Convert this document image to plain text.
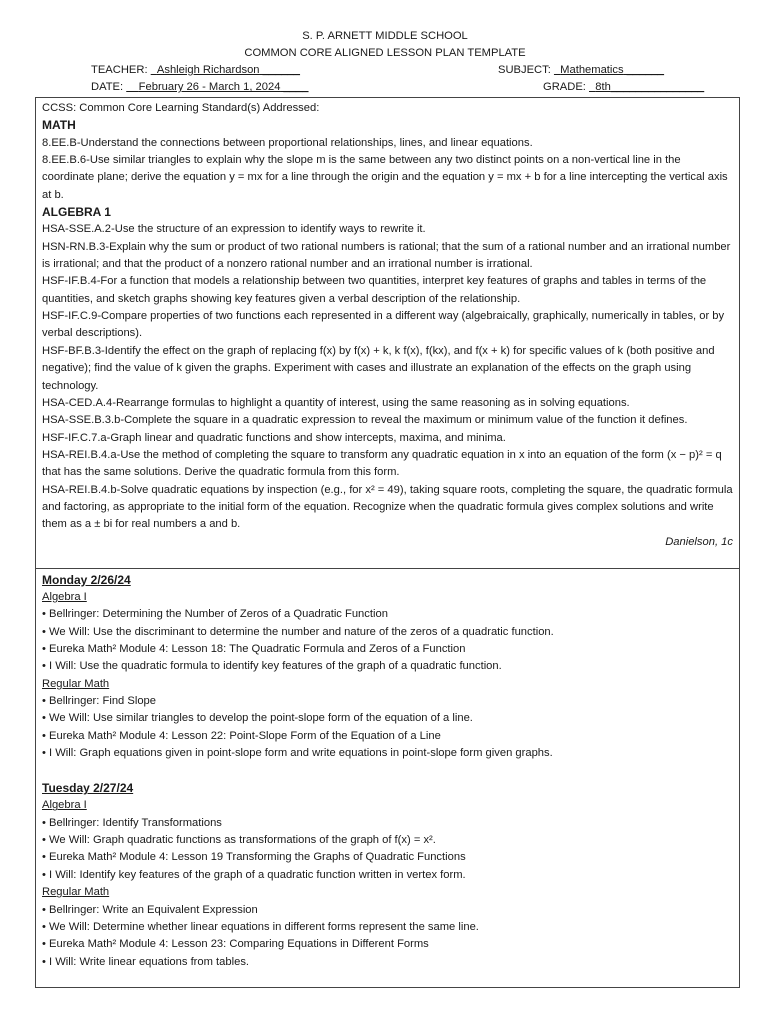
S. P. ARNETT MIDDLE SCHOOL
COMMON CORE ALIGNED LESSON PLAN TEMPLATE
TEACHER: Ashleigh Richardson ______	SUBJECT: Mathematics ______
DATE: February 26 - March 1, 2024 ____	GRADE: 8th_______________
CCSS: Common Core Learning Standard(s) Addressed:
MATH
8.EE.B-Understand the connections between proportional relationships, lines, and linear equations.
8.EE.B.6-Use similar triangles to explain why the slope m is the same between any two distinct points on a non-vertical line in the coordinate plane; derive the equation y = mx for a line through the origin and the equation y = mx + b for a line intercepting the vertical axis at b.
ALGEBRA 1
HSA-SSE.A.2-Use the structure of an expression to identify ways to rewrite it.
HSN-RN.B.3-Explain why the sum or product of two rational numbers is rational; that the sum of a rational number and an irrational number is irrational; and that the product of a nonzero rational number and an irrational number is irrational.
HSF-IF.B.4-For a function that models a relationship between two quantities, interpret key features of graphs and tables in terms of the quantities, and sketch graphs showing key features given a verbal description of the relationship.
HSF-IF.C.9-Compare properties of two functions each represented in a different way (algebraically, graphically, numerically in tables, or by verbal descriptions).
HSF-BF.B.3-Identify the effect on the graph of replacing f(x) by f(x) + k, k f(x), f(kx), and f(x + k) for specific values of k (both positive and negative); find the value of k given the graphs. Experiment with cases and illustrate an explanation of the effects on the graph using technology.
HSA-CED.A.4-Rearrange formulas to highlight a quantity of interest, using the same reasoning as in solving equations.
HSA-SSE.B.3.b-Complete the square in a quadratic expression to reveal the maximum or minimum value of the function it defines.
HSF-IF.C.7.a-Graph linear and quadratic functions and show intercepts, maxima, and minima.
HSA-REI.B.4.a-Use the method of completing the square to transform any quadratic equation in x into an equation of the form (x − p)² = q that has the same solutions. Derive the quadratic formula from this form.
HSA-REI.B.4.b-Solve quadratic equations by inspection (e.g., for x² = 49), taking square roots, completing the square, the quadratic formula and factoring, as appropriate to the initial form of the equation. Recognize when the quadratic formula gives complex solutions and write them as a ± bi for real numbers a and b.
Danielson, 1c
Monday 2/26/24
Algebra I
• Bellringer: Determining the Number of Zeros of a Quadratic Function
• We Will: Use the discriminant to determine the number and nature of the zeros of a quadratic function.
• Eureka Math² Module 4: Lesson 18: The Quadratic Formula and Zeros of a Function
• I Will: Use the quadratic formula to identify key features of the graph of a quadratic function.
Regular Math
• Bellringer: Find Slope
• We Will: Use similar triangles to develop the point-slope form of the equation of a line.
• Eureka Math² Module 4: Lesson 22: Point-Slope Form of the Equation of a Line
• I Will: Graph equations given in point-slope form and write equations in point-slope form given graphs.
Tuesday 2/27/24
Algebra I
• Bellringer: Identify Transformations
• We Will: Graph quadratic functions as transformations of the graph of f(x) = x².
• Eureka Math² Module 4: Lesson 19 Transforming the Graphs of Quadratic Functions
• I Will: Identify key features of the graph of a quadratic function written in vertex form.
Regular Math
• Bellringer: Write an Equivalent Expression
• We Will: Determine whether linear equations in different forms represent the same line.
• Eureka Math² Module 4: Lesson 23: Comparing Equations in Different Forms
• I Will: Write linear equations from tables.
